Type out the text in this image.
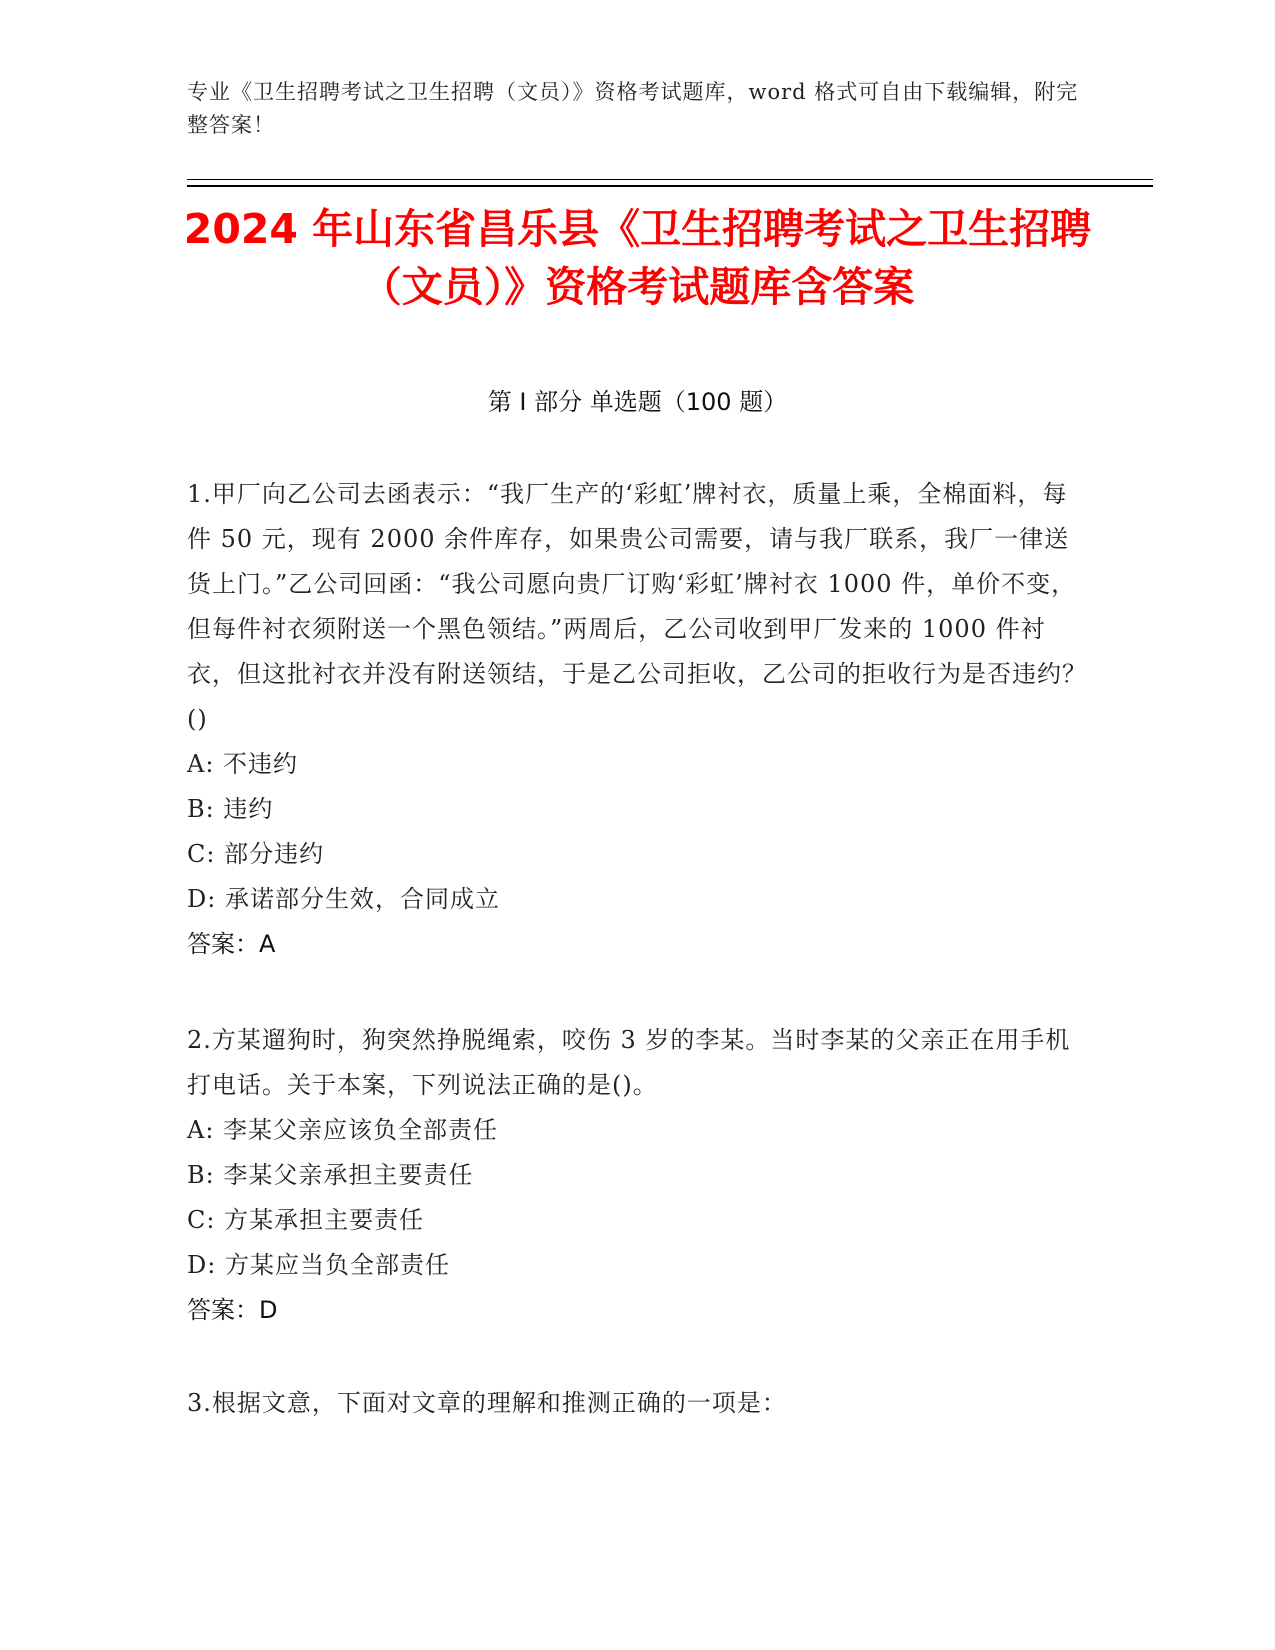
专业《卫生招聘考试之卫生招聘（文员）》资格考试题库，word 格式可自由下载编辑，附完整答案！
2024 年山东省昌乐县《卫生招聘考试之卫生招聘（文员）》资格考试题库含答案
第 I 部分 单选题（100 题）
1.甲厂向乙公司去函表示：“我厂生产的‘彩虹’牌衬衣，质量上乘，全棉面料，每件 50 元，现有 2000 余件库存，如果贵公司需要，请与我厂联系，我厂一律送货上门。”乙公司回函：“我公司愿向贵厂订购‘彩虹’牌衬衣 1000 件，单价不变，但每件衬衣须附送一个黑色领结。”两周后，乙公司收到甲厂发来的 1000 件衬衣，但这批衬衣并没有附送领结，于是乙公司拒收，乙公司的拒收行为是否违约？()
A: 不违约
B: 违约
C: 部分违约
D: 承诺部分生效，合同成立
答案：A
2.方某遛狗时，狗突然挣脱绳索，咬伤 3 岁的李某。当时李某的父亲正在用手机打电话。关于本案，下列说法正确的是()。
A: 李某父亲应该负全部责任
B: 李某父亲承担主要责任
C: 方某承担主要责任
D: 方某应当负全部责任
答案：D
3.根据文意，下面对文章的理解和推测正确的一项是：
